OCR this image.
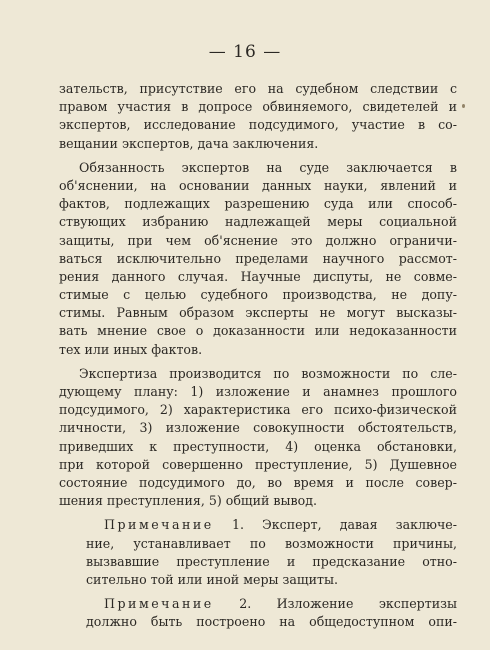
— 16 —
зательств, присутствие его на судебном следствии с
правом участия в допросе обвиняемого, свидетелей и
экспертов, исследование подсудимого, участие в со-
вещании экспертов, дача заключения.
Обязанность экспертов на суде заключается в
об'яснении, на основании данных науки, явлений и
фактов, подлежащих разрешению суда или способ-
ствующих избранию надлежащей меры социальной
защиты, при чем об'яснение это должно ограничи-
ваться исключительно пределами научного рассмот-
рения данного случая. Научные диспуты, не совме-
стимые с целью судебного производства, не допу-
стимы. Равным образом эксперты не могут высказы-
вать мнение свое о доказанности или недоказанности
тех или иных фактов.
Экспертиза производится по возможности по сле-
дующему плану: 1) изложение и анамнез прошлого
подсудимого, 2) характеристика его психо-физической
личности, 3) изложение совокупности обстоятельств,
приведших к преступности, 4) оценка обстановки,
при которой совершенно преступление, 5) Душевное
состояние подсудимого до, во время и после совер-
шения преступления, 5) общий вывод.
Примечание 1. Эксперт, давая заключе-
ние, устанавливает по возможности причины,
вызвавшие преступление и предсказание отно-
сительно той или иной меры защиты.
Примечание 2. Изложение экспертизы
должно быть построено на общедоступном опи-
